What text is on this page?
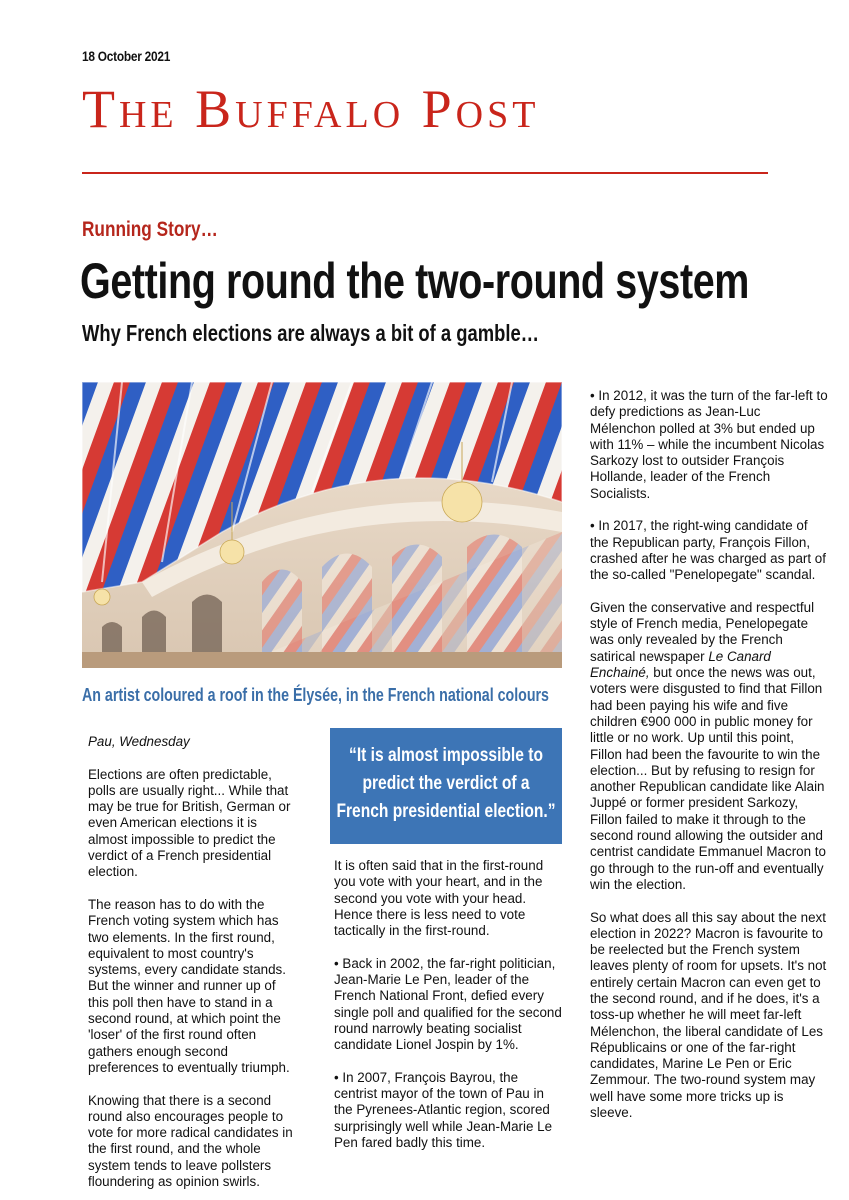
18 October 2021
The Buffalo Post
Running Story…
Getting round the two-round system
Why French elections are always a bit of a gamble…
An artist coloured a roof in the Élysée, in the French national colours

Pau, Wednesday

Elections are often predictable, polls are usually right... While that may be true for British, German or even American elections it is almost impossible to predict the verdict of a French presidential election.

The reason has to do with the French voting system which has two elements. In the first round, equivalent to most country's systems, every candidate stands. But the winner and runner up of this poll then have to stand in a second round, at which point the 'loser' of the first round often gathers enough second preferences to eventually triumph.

Knowing that there is a second round also encourages people to vote for more radical candidates in the first round, and the whole system tends to leave pollsters floundering as opinion swirls.

“It is almost impossible to predict the verdict of a French presidential election.”

It is often said that in the first-round you vote with your heart, and in the second you vote with your head. Hence there is less need to vote tactically in the first-round.

• Back in 2002, the far-right politician, Jean-Marie Le Pen, leader of the French National Front, defied every single poll and qualified for the second round narrowly beating socialist candidate Lionel Jospin by 1%.

• In 2007, François Bayrou, the centrist mayor of the town of Pau in the Pyrenees-Atlantic region, scored surprisingly well while Jean-Marie Le Pen fared badly this time.

• In 2012, it was the turn of the far-left to defy predictions as Jean-Luc Mélenchon polled at 3% but ended up with 11% – while the incumbent Nicolas Sarkozy lost to outsider François Hollande, leader of the French Socialists.

• In 2017, the right-wing candidate of the Republican party, François Fillon, crashed after he was charged as part of the so-called "Penelopegate" scandal.

Given the conservative and respectful style of French media, Penelopegate was only revealed by the French satirical newspaper Le Canard Enchainé, but once the news was out, voters were disgusted to find that Fillon had been paying his wife and five children €900 000 in public money for little or no work. Up until this point, Fillon had been the favourite to win the election... But by refusing to resign for another Republican candidate like Alain Juppé or former president Sarkozy, Fillon failed to make it through to the second round allowing the outsider and centrist candidate Emmanuel Macron to go through to the run-off and eventually win the election.

So what does all this say about the next election in 2022? Macron is favourite to be reelected but the French system leaves plenty of room for upsets. It's not entirely certain Macron can even get to the second round, and if he does, it's a toss-up whether he will meet far-left Mélenchon, the liberal candidate of Les Républicains or one of the far-right candidates, Marine Le Pen or Eric Zemmour. The two-round system may well have some more tricks up is sleeve.
